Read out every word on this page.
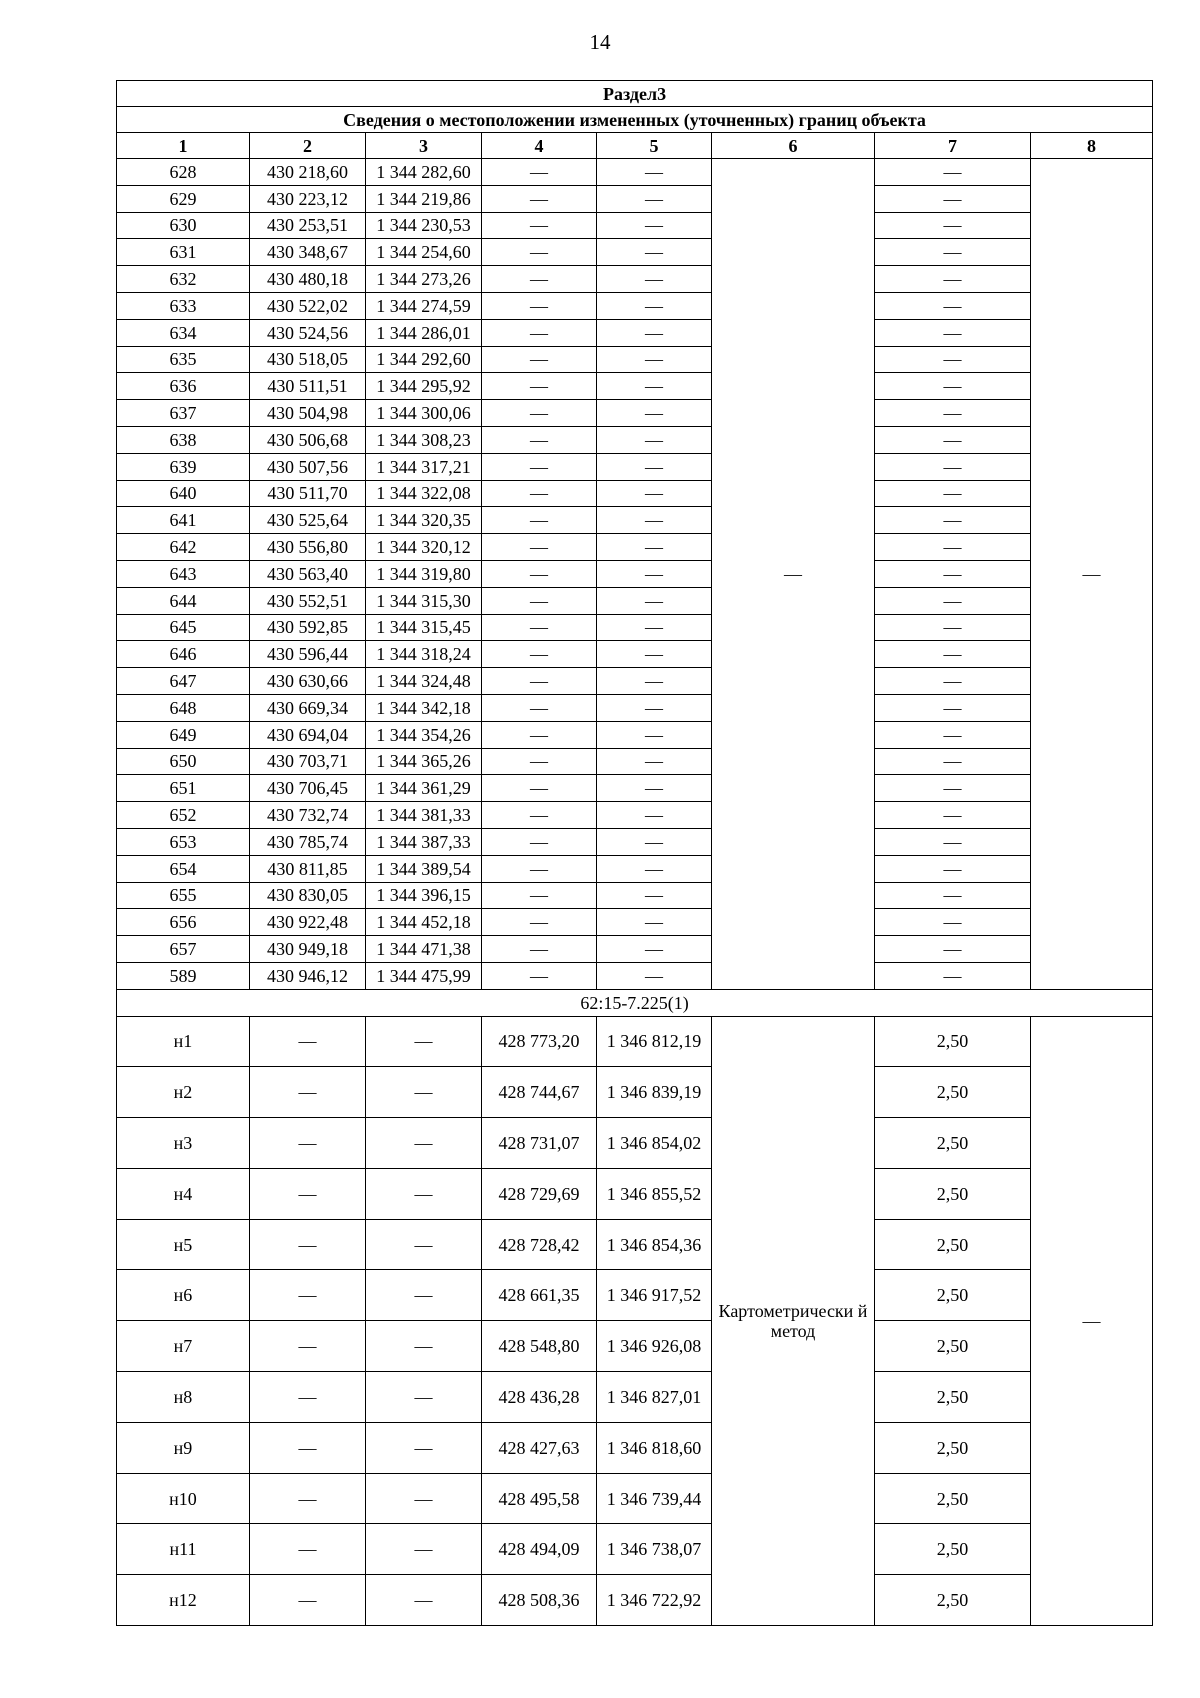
14
Раздел3							
Сведения о местоположении измененных (уточненных) границ объекта							
1	2	3	4	5	6	7	8
628	430 218,60	1 344 282,60	—	—	—	—	—
629	430 223,12	1 344 219,86	—	—		—	
630	430 253,51	1 344 230,53	—	—		—	
631	430 348,67	1 344 254,60	—	—		—	
632	430 480,18	1 344 273,26	—	—		—	
633	430 522,02	1 344 274,59	—	—		—	
634	430 524,56	1 344 286,01	—	—		—	
635	430 518,05	1 344 292,60	—	—		—	
636	430 511,51	1 344 295,92	—	—		—	
637	430 504,98	1 344 300,06	—	—		—	
638	430 506,68	1 344 308,23	—	—		—	
639	430 507,56	1 344 317,21	—	—		—	
640	430 511,70	1 344 322,08	—	—		—	
641	430 525,64	1 344 320,35	—	—		—	
642	430 556,80	1 344 320,12	—	—		—	
643	430 563,40	1 344 319,80	—	—		—	
644	430 552,51	1 344 315,30	—	—		—	
645	430 592,85	1 344 315,45	—	—		—	
646	430 596,44	1 344 318,24	—	—		—	
647	430 630,66	1 344 324,48	—	—		—	
648	430 669,34	1 344 342,18	—	—		—	
649	430 694,04	1 344 354,26	—	—		—	
650	430 703,71	1 344 365,26	—	—		—	
651	430 706,45	1 344 361,29	—	—		—	
652	430 732,74	1 344 381,33	—	—		—	
653	430 785,74	1 344 387,33	—	—		—	
654	430 811,85	1 344 389,54	—	—		—	
655	430 830,05	1 344 396,15	—	—		—	
656	430 922,48	1 344 452,18	—	—		—	
657	430 949,18	1 344 471,38	—	—		—	
589	430 946,12	1 344 475,99	—	—		—	
62:15-7.225(1)							
н1	—	—	428 773,20	1 346 812,19	Картометрически й метод	2,50	—
н2	—	—	428 744,67	1 346 839,19		2,50	
н3	—	—	428 731,07	1 346 854,02		2,50	
н4	—	—	428 729,69	1 346 855,52		2,50	
н5	—	—	428 728,42	1 346 854,36		2,50	
н6	—	—	428 661,35	1 346 917,52		2,50	
н7	—	—	428 548,80	1 346 926,08		2,50	
н8	—	—	428 436,28	1 346 827,01		2,50	
н9	—	—	428 427,63	1 346 818,60		2,50	
н10	—	—	428 495,58	1 346 739,44		2,50	
н11	—	—	428 494,09	1 346 738,07		2,50	
н12	—	—	428 508,36	1 346 722,92		2,50	
